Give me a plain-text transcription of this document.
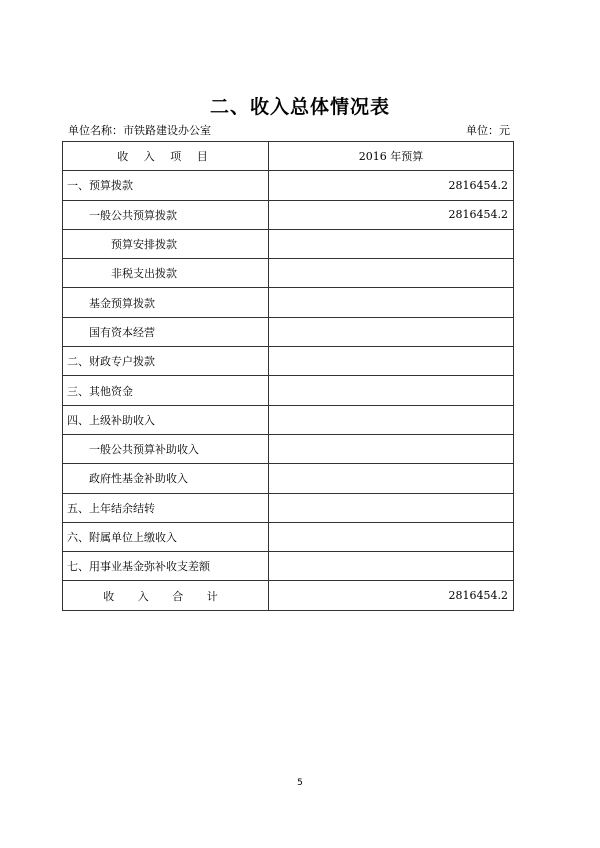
二、收入总体情况表
单位名称：市铁路建设办公室	单位：元
收 入 项 目	2016 年预算
一、预算拨款	2816454.2
一般公共预算拨款	2816454.2
预算安排拨款	
非税支出拨款	
基金预算拨款	
国有资本经营	
二、财政专户拨款	
三、其他资金	
四、上级补助收入	
一般公共预算补助收入	
政府性基金补助收入	
五、上年结余结转	
六、附属单位上缴收入	
七、用事业基金弥补收支差额	
收 入 合 计	2816454.2
5
